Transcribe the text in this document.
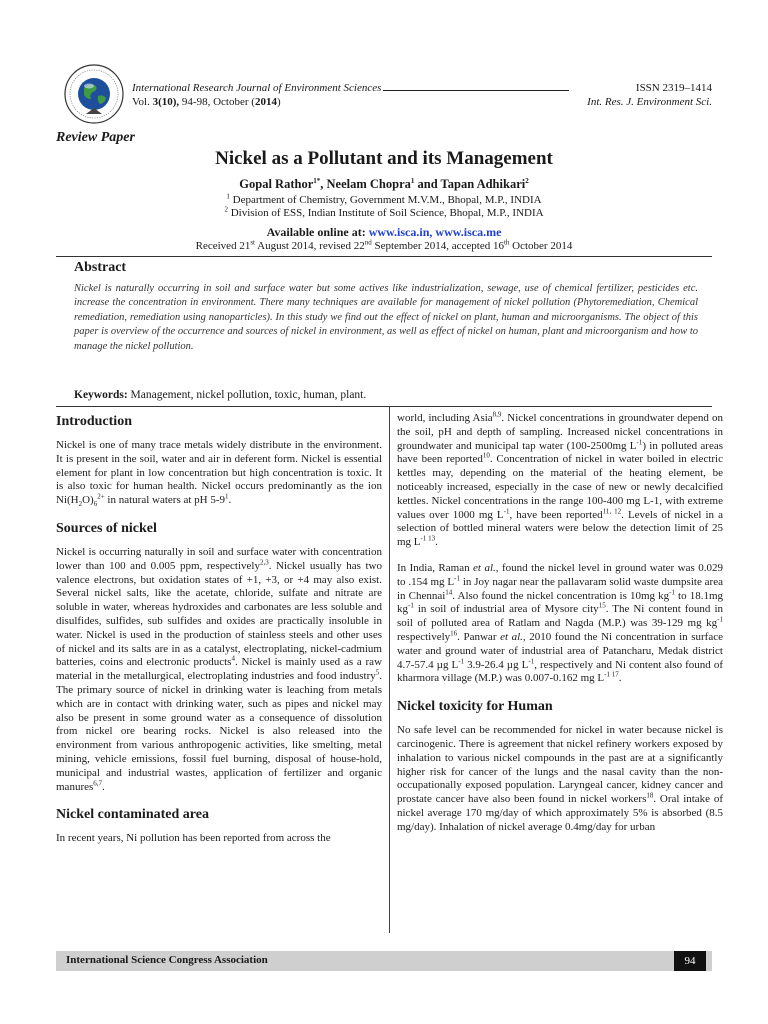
International Research Journal of Environment Sciences	ISSN 2319–1414
Vol. 3(10), 94-98, October (2014)	Int. Res. J. Environment Sci.
Review Paper
Nickel as a Pollutant and its Management
Gopal Rathor$^{1*}$, Neelam Chopra$^1$ and Tapan Adhikari$^2$
$^1$ Department of Chemistry, Government M.V.M., Bhopal, M.P., INDIA
$^2$ Division of ESS, Indian Institute of Soil Science, Bhopal, M.P., INDIA
Available online at: www.isca.in, www.isca.me
Received 21st August 2014, revised 22nd September 2014, accepted 16th October 2014
Abstract
Nickel is naturally occurring in soil and surface water but some actives like industrialization, sewage, use of chemical fertilizer, pesticides etc. increase the concentration in environment. There many techniques are available for management of nickel pollution (Phytoremediation, Chemical remediation, remediation using nanoparticles). In this study we find out the effect of nickel on plant, human and microorganisms. The object of this paper is overview of the occurrence and sources of nickel in environment, as well as effect of nickel on human, plant and microorganism and how to manage the nickel pollution.
Keywords: Management, nickel pollution, toxic, human, plant.
Introduction

Nickel is one of many trace metals widely distribute in the environment. It is present in the soil, water and air in deferent form. Nickel is essential element for plant in low concentration but high concentration is toxic. It is also toxic for human health. Nickel occurs predominantly as the ion $Ni(H_2O)_6^{2+}$ in natural waters at pH $5-9^1$.

Sources of nickel

Nickel is occurring naturally in soil and surface water with concentration lower than 100 and 0.005 ppm, respectively$^{2,3}$. Nickel usually has two valence electrons, but oxidation states of +1, +3, or +4 may also exist. Several nickel salts, like the acetate, chloride, sulfate and nitrate are soluble in water, whereas hydroxides and carbonates are less soluble and disulfides, sulfides, sub sulfides and oxides are practically insoluble in water. Nickel is used in the production of stainless steels and other uses of nickel and its salts are in as a catalyst, electroplating, nickel-cadmium batteries, coins and electronic products$^4$. Nickel is mainly used as a raw material in the metallurgical, electroplating industries and food industry$^5$. The primary source of nickel in drinking water is leaching from metals which are in contact with drinking water, such as pipes and nickel may also be present in some ground water as a consequence of dissolution from nickel ore bearing rocks. Nickel is also released into the environment from various anthropogenic activities, like smelting, metal mining, vehicle emissions, fossil fuel burning, disposal of house-hold, municipal and industrial wastes, application of fertilizer and organic manures$^{6,7}$.

Nickel contaminated area

In recent years, Ni pollution has been reported from across the

world, including Asia$^{8,9}$. Nickel concentrations in groundwater depend on the soil, pH and depth of sampling. Increased nickel concentrations in groundwater and municipal tap water (100-2500mg $L^{-1}$) in polluted areas have been reported$^{10}$. Concentration of nickel in water boiled in electric kettles may, depending on the material of the heating element, be noticeably increased, especially in the case of new or newly decalcified kettles. Nickel concentrations in the range 100-400 mg L-1, with extreme values over 1000 mg $L^{-1}$, have been reported$^{11, 12}$. Levels of nickel in a selection of bottled mineral waters were below the detection limit of 25 mg $L^{-1 13}$.

In India, Raman et al., found the nickel level in ground water was 0.029 to .154 mg $L^{-1}$ in Joy nagar near the pallavaram solid waste dumpsite area in Chennai$^{14}$. Also found the nickel concentration is 10mg $kg^{-1}$ to 18.1mg $kg^{-1}$ in soil of industrial area of Mysore city$^{15}$. The Ni content found in soil of polluted area of Ratlam and Nagda (M.P.) was 39-129 mg $kg^{-1}$ respectively$^{16}$. Panwar et al., 2010 found the Ni concentration in surface water and ground water of industrial area of Patancharu, Medak district 4.7-57.4 µg $L^{-1}$ 3.9-26.4 µg $L^{-1}$, respectively and Ni content also found of kharmora village (M.P.) was 0.007-0.162 mg $L^{-1 17}$.

Nickel toxicity for Human

No safe level can be recommended for nickel in water because nickel is carcinogenic. There is agreement that nickel refinery workers exposed by inhalation to various nickel compounds in the past are at a significantly higher risk for cancer of the lungs and the nasal cavity than the non-occupationally exposed population. Laryngeal cancer, kidney cancer and prostate cancer have also been found in nickel workers$^{18}$. Oral intake of nickel average 170 mg/day of which approximately 5% is absorbed (8.5 mg/day). Inhalation of nickel average 0.4mg/day for urban

International Science Congress Association	94
